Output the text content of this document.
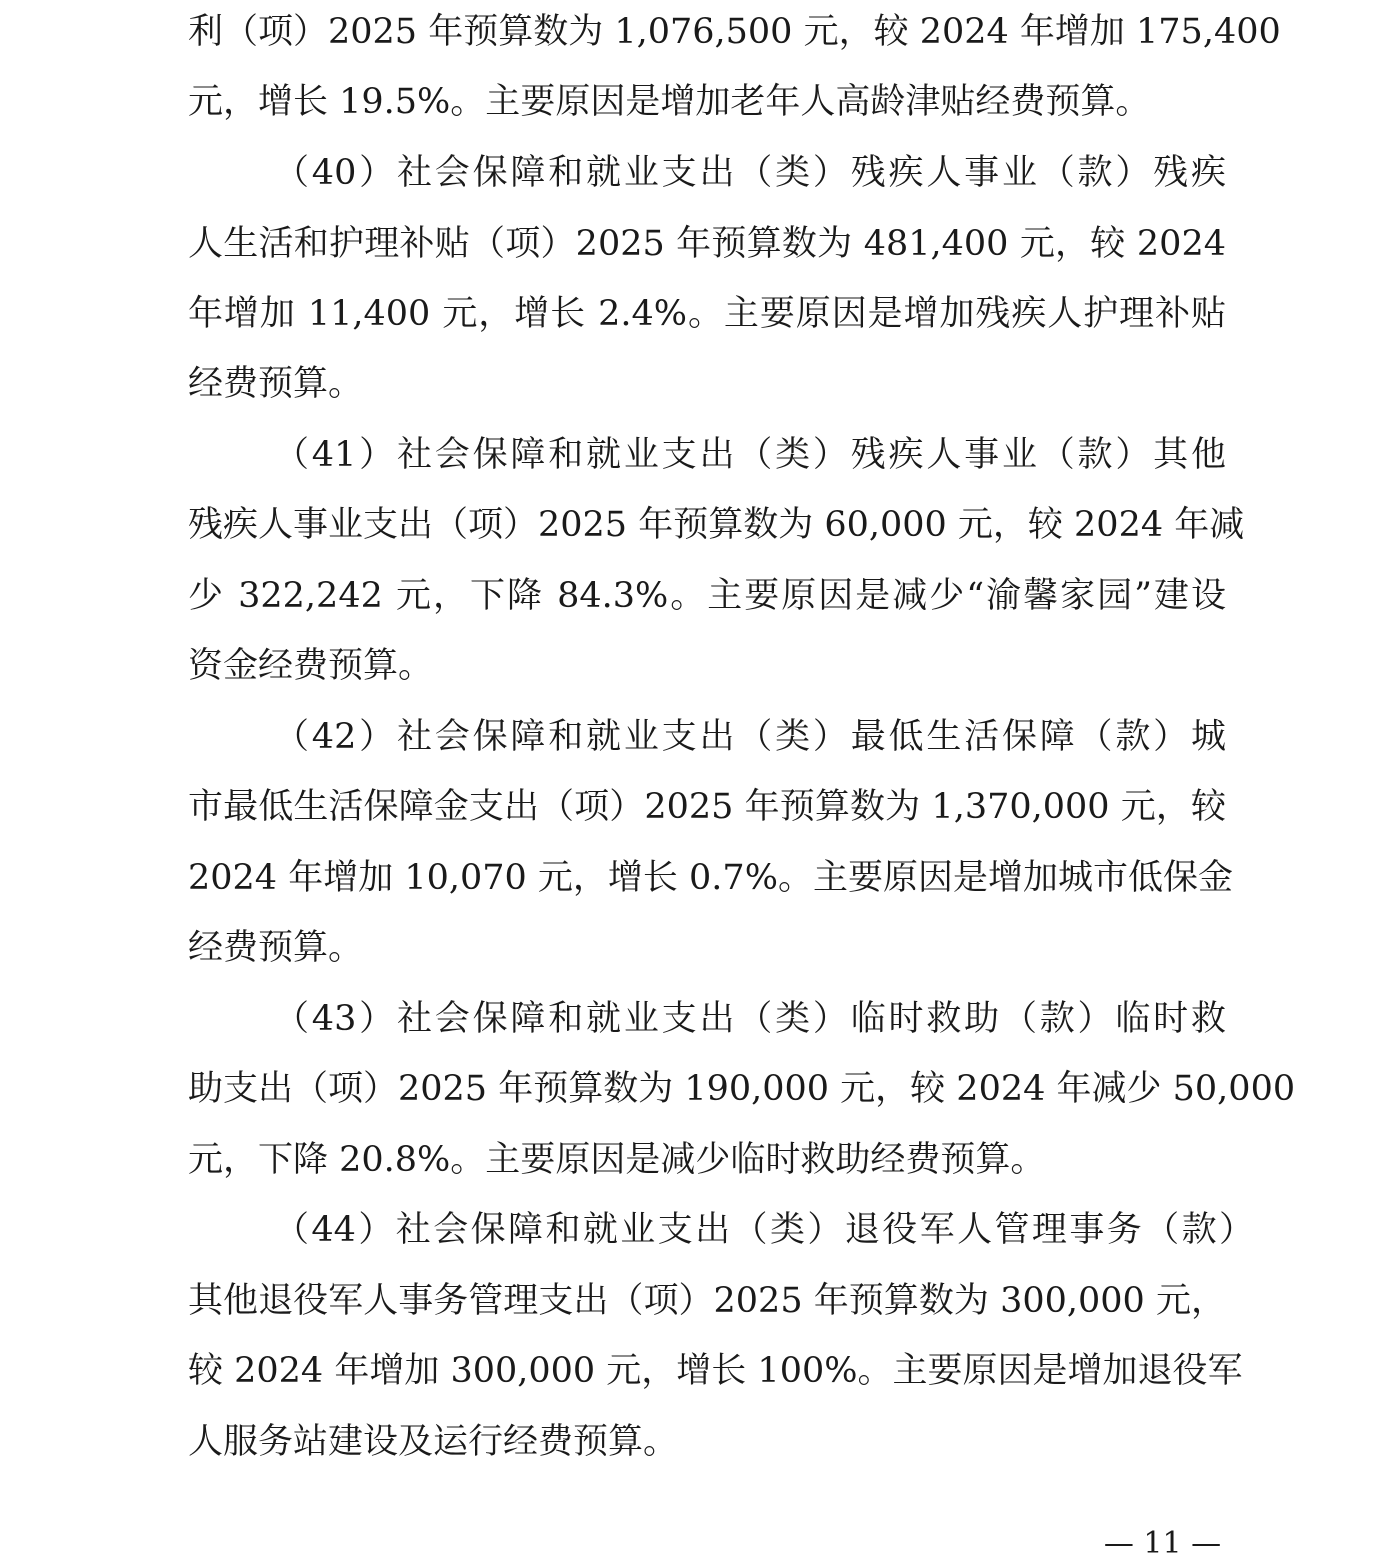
利（项）2025 年预算数为 1,076,500 元，较 2024 年增加 175,400
元，增长 19.5%。主要原因是增加老年人高龄津贴经费预算。
（40）社会保障和就业支出（类）残疾人事业（款）残疾
人生活和护理补贴（项）2025 年预算数为 481,400 元，较 2024
年增加 11,400 元，增长 2.4%。主要原因是增加残疾人护理补贴
经费预算。
（41）社会保障和就业支出（类）残疾人事业（款）其他
残疾人事业支出（项）2025 年预算数为 60,000 元，较 2024 年减
少 322,242 元，下降 84.3%。主要原因是减少“渝馨家园”建设
资金经费预算。
（42）社会保障和就业支出（类）最低生活保障（款）城
市最低生活保障金支出（项）2025 年预算数为 1,370,000 元，较
2024 年增加 10,070 元，增长 0.7%。主要原因是增加城市低保金
经费预算。
（43）社会保障和就业支出（类）临时救助（款）临时救
助支出（项）2025 年预算数为 190,000 元，较 2024 年减少 50,000
元，下降 20.8%。主要原因是减少临时救助经费预算。
（44）社会保障和就业支出（类）退役军人管理事务（款）
其他退役军人事务管理支出（项）2025 年预算数为 300,000 元，
较 2024 年增加 300,000 元，增长 100%。主要原因是增加退役军
人服务站建设及运行经费预算。
— 11 —
